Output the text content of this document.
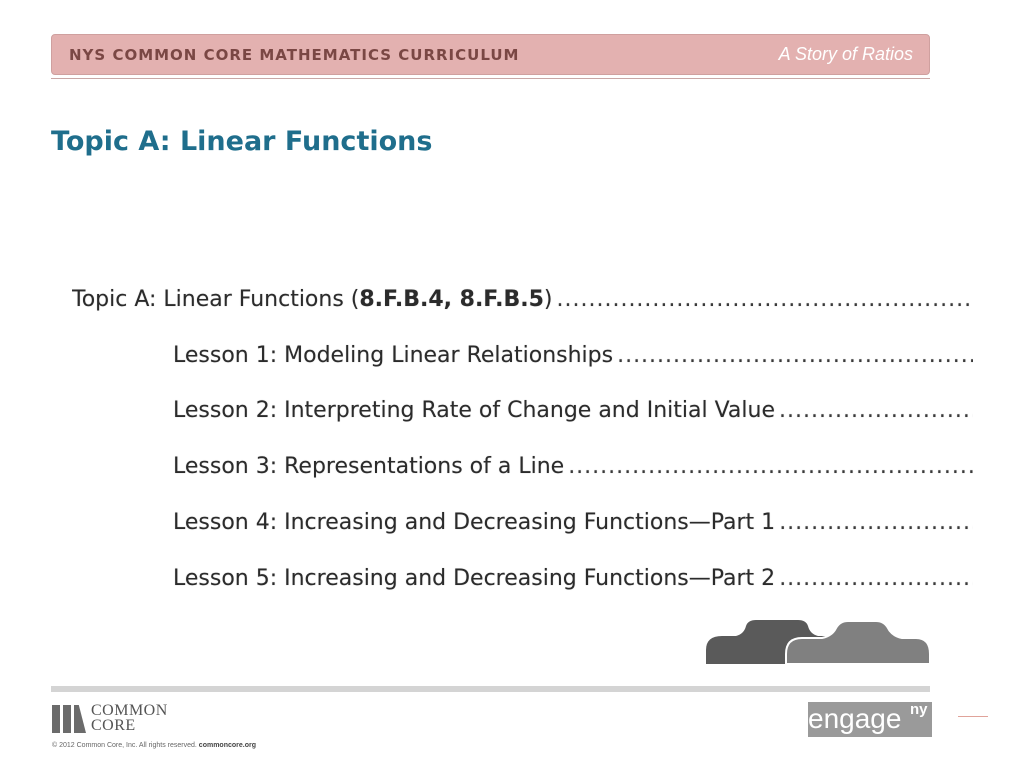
NYS COMMON CORE MATHEMATICS CURRICULUM	A Story of Ratios
Topic A: Linear Functions
Topic A: Linear Functions ( 8.F.B.4, 8.F.B.5 )
.....
Lesson 1: Modeling Linear Relationships
.....
Lesson 2: Interpreting Rate of Change and Initial Value
.....
Lesson 3: Representations of a Line
.....
Lesson 4: Increasing and Decreasing Functions—Part 1
.....
Lesson 5: Increasing and Decreasing Functions—Part 2
.....
COMMON
CORE
© 2012 Common Core, Inc. All rights reserved. commoncore.org
engage ny
